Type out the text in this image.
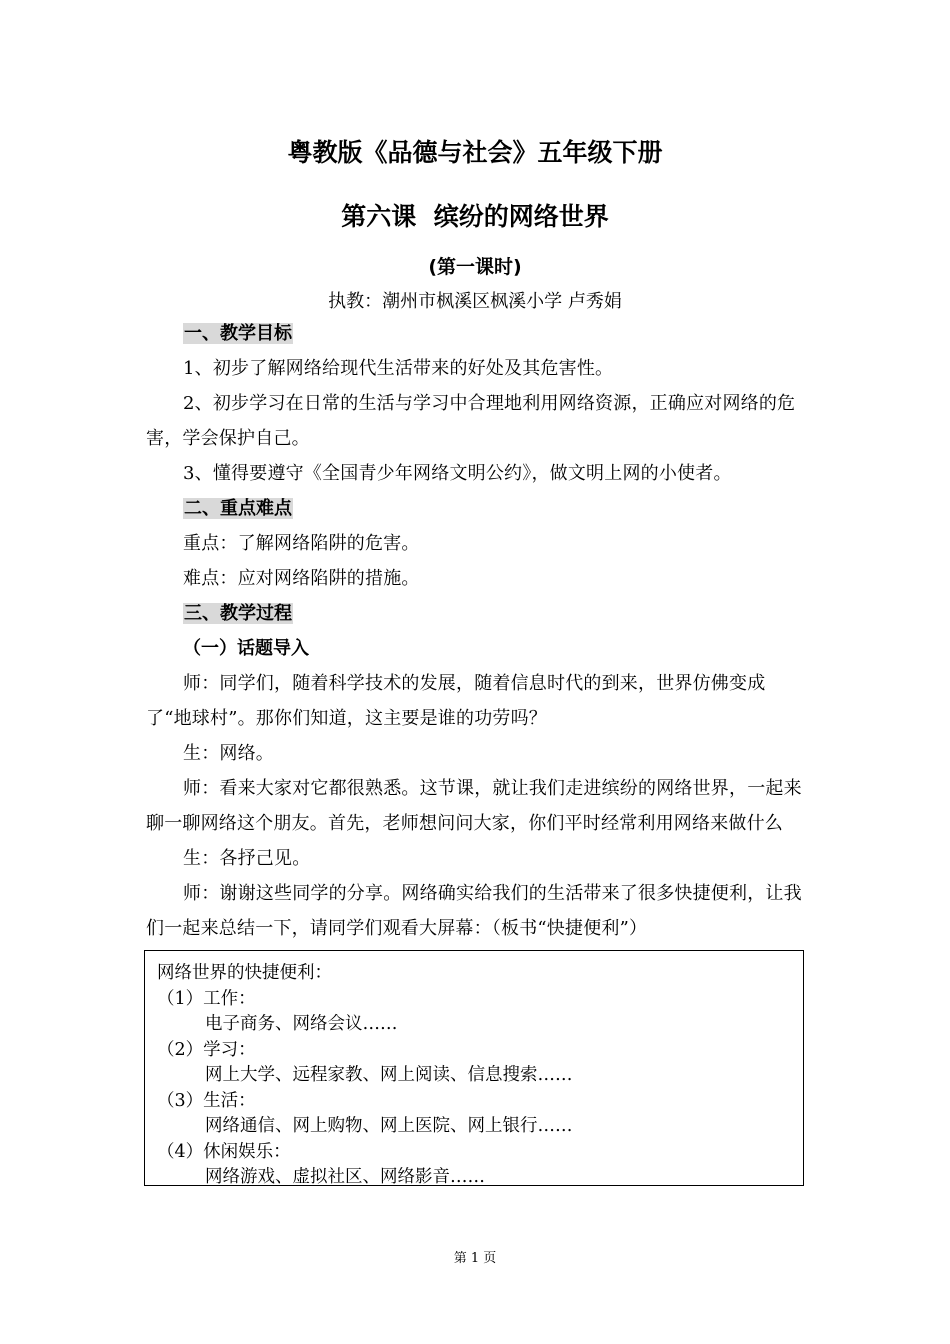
粤教版《品德与社会》五年级下册
第六课  缤纷的网络世界
(第一课时)
执教：潮州市枫溪区枫溪小学 卢秀娟

一、教学目标

1、初步了解网络给现代生活带来的好处及其危害性。

2、初步学习在日常的生活与学习中合理地利用网络资源，正确应对网络的危害，学会保护自己。

3、懂得要遵守《全国青少年网络文明公约》，做文明上网的小使者。

二、重点难点

重点：了解网络陷阱的危害。

难点：应对网络陷阱的措施。

三、教学过程

（一）话题导入

师：同学们，随着科学技术的发展，随着信息时代的到来，世界仿佛变成了“地球村”。那你们知道，这主要是谁的功劳吗？

生：网络。

师：看来大家对它都很熟悉。这节课，就让我们走进缤纷的网络世界，一起来聊一聊网络这个朋友。首先，老师想问问大家，你们平时经常利用网络来做什么

生：各抒己见。

师：谢谢这些同学的分享。网络确实给我们的生活带来了很多快捷便利，让我们一起来总结一下，请同学们观看大屏幕：（板书“快捷便利”）

网络世界的快捷便利：

（1）工作：

电子商务、网络会议……

（2）学习：

网上大学、远程家教、网上阅读、信息搜索……

（3）生活：

网络通信、网上购物、网上医院、网上银行……

（4）休闲娱乐：

网络游戏、虚拟社区、网络影音……

第 1 页
